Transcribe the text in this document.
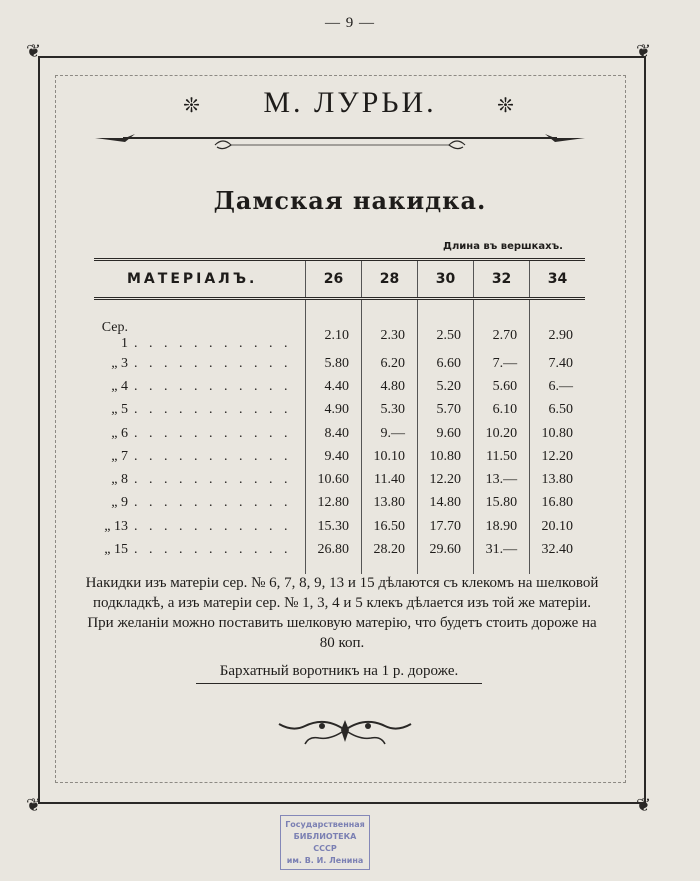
— 9 —
❦	❦
❦	❦
❊ М. ЛУРЬИ.	❊
Дамская накидка.
Длина въ вершкахъ.
МАТЕРІАЛЪ.	26	28	30	32	34
Сер. 1 . . . . . . . . . . .	2.10	2.30	2.50	2.70	2.90
„ 3 . . . . . . . . . . .	5.80	6.20	6.60	7.—	7.40
„ 4 . . . . . . . . . . .	4.40	4.80	5.20	5.60	6.—
„ 5 . . . . . . . . . . .	4.90	5.30	5.70	6.10	6.50
„ 6 . . . . . . . . . . .	8.40	9.—	9.60	10.20	10.80
„ 7 . . . . . . . . . . .	9.40	10.10	10.80	11.50	12.20
„ 8 . . . . . . . . . . .	10.60	11.40	12.20	13.—	13.80
„ 9 . . . . . . . . . . .	12.80	13.80	14.80	15.80	16.80
„ 13 . . . . . . . . . . .	15.30	16.50	17.70	18.90	20.10
„ 15 . . . . . . . . . . .	26.80	28.20	29.60	31.—	32.40
Накидки изъ матеріи сер. № 6, 7, 8, 9, 13 и 15 дѣлаются съ клекомъ на шелковой подкладкѣ, а изъ матеріи сер. № 1, 3, 4 и 5 клекъ дѣлается изъ той же матеріи. При желаніи можно поставить шелковую матерію, что будетъ стоить дороже на 80 коп.
Бархатный воротникъ на 1 р. дороже.
Государственная
БИБЛИОТЕКА
СССР
им. В. И. Ленина
